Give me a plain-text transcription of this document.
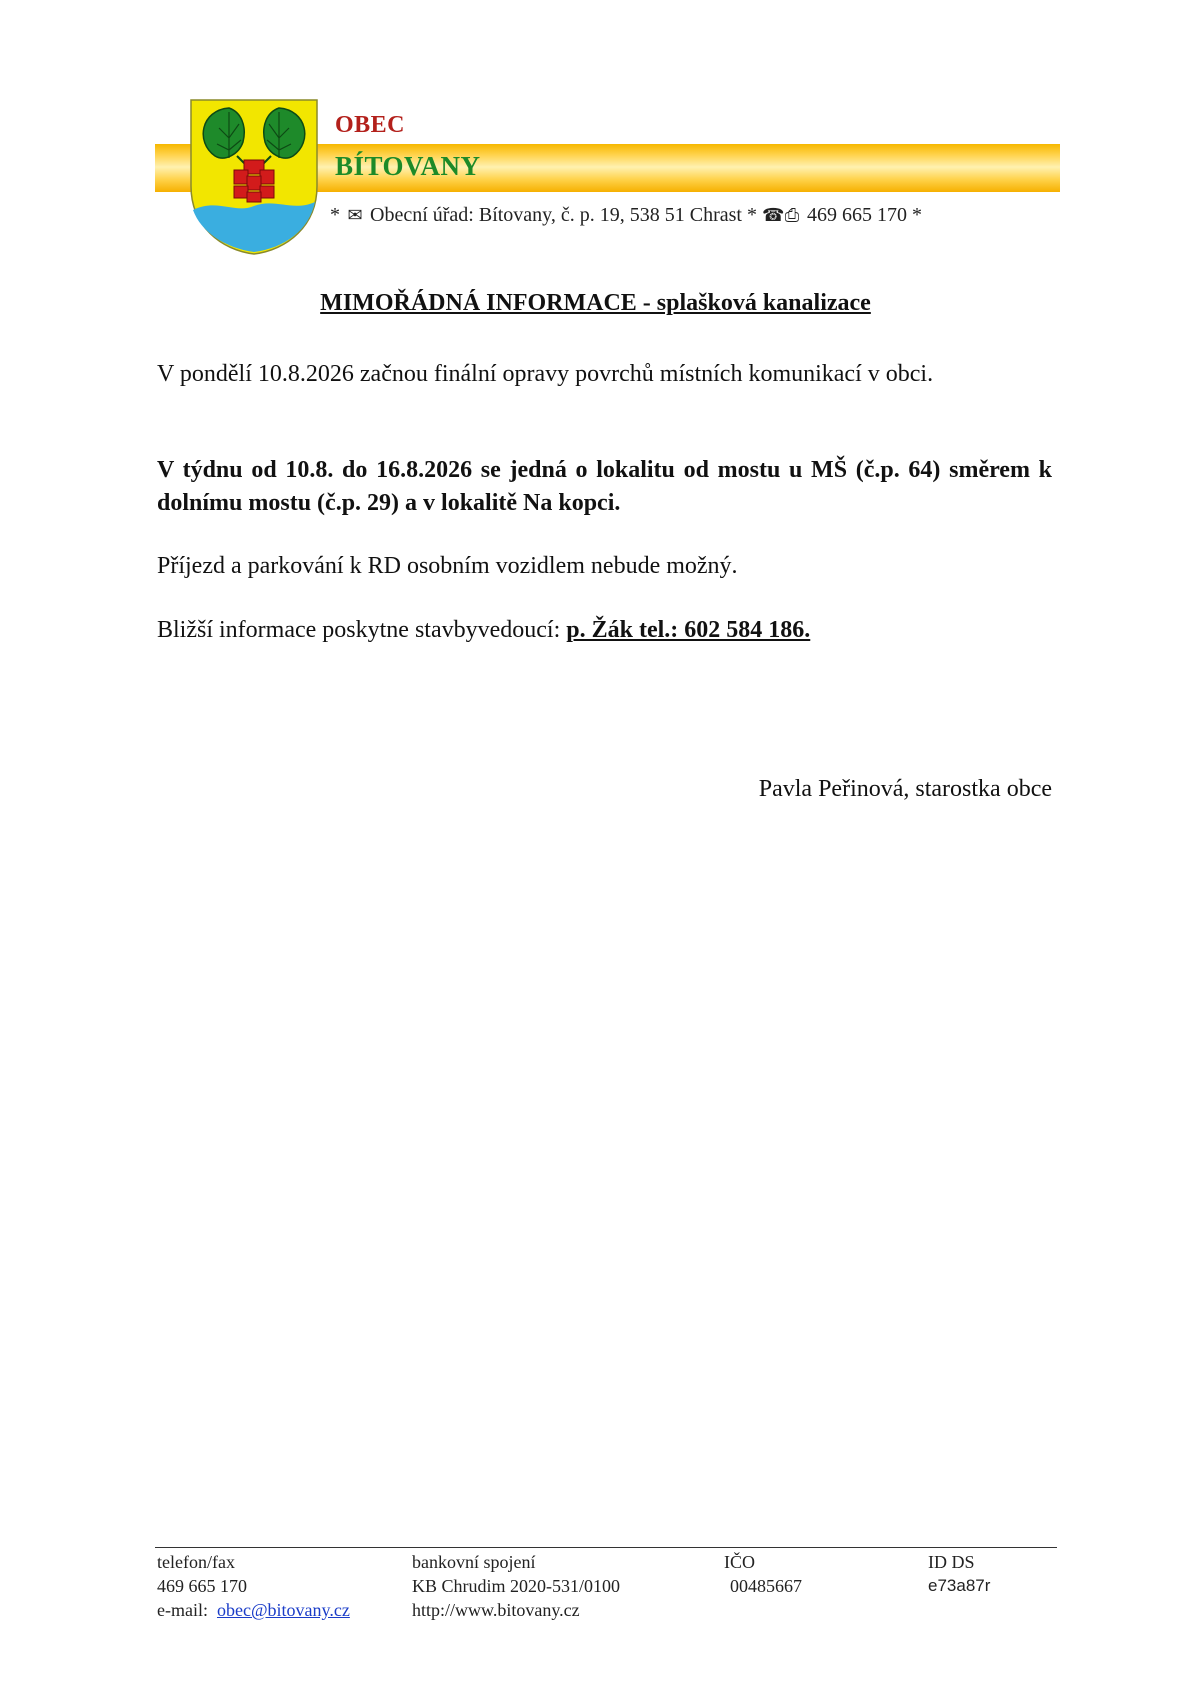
OBEC
BÍTOVANY
* ✉ Obecní úřad: Bítovany, č. p. 19, 538 51 Chrast * ☎⎙ 469 665 170 *
MIMOŘÁDNÁ INFORMACE - splašková kanalizace
V pondělí 10.8.2026 začnou finální opravy povrchů místních komunikací v obci.
V týdnu od 10.8. do 16.8.2026 se jedná o lokalitu od mostu u MŠ (č.p. 64) směrem k dolnímu mostu (č.p. 29) a v lokalitě Na kopci.
Příjezd a parkování k RD osobním vozidlem nebude možný.
Bližší informace poskytne stavbyvedoucí: p. Žák tel.: 602 584 186.
Pavla Peřinová, starostka obce
telefon/fax
469 665 170
e-mail: obec@bitovany.cz
bankovní spojení
KB Chrudim 2020-531/0100
http://www.bitovany.cz
IČO
00485667
ID DS
e73a87r
